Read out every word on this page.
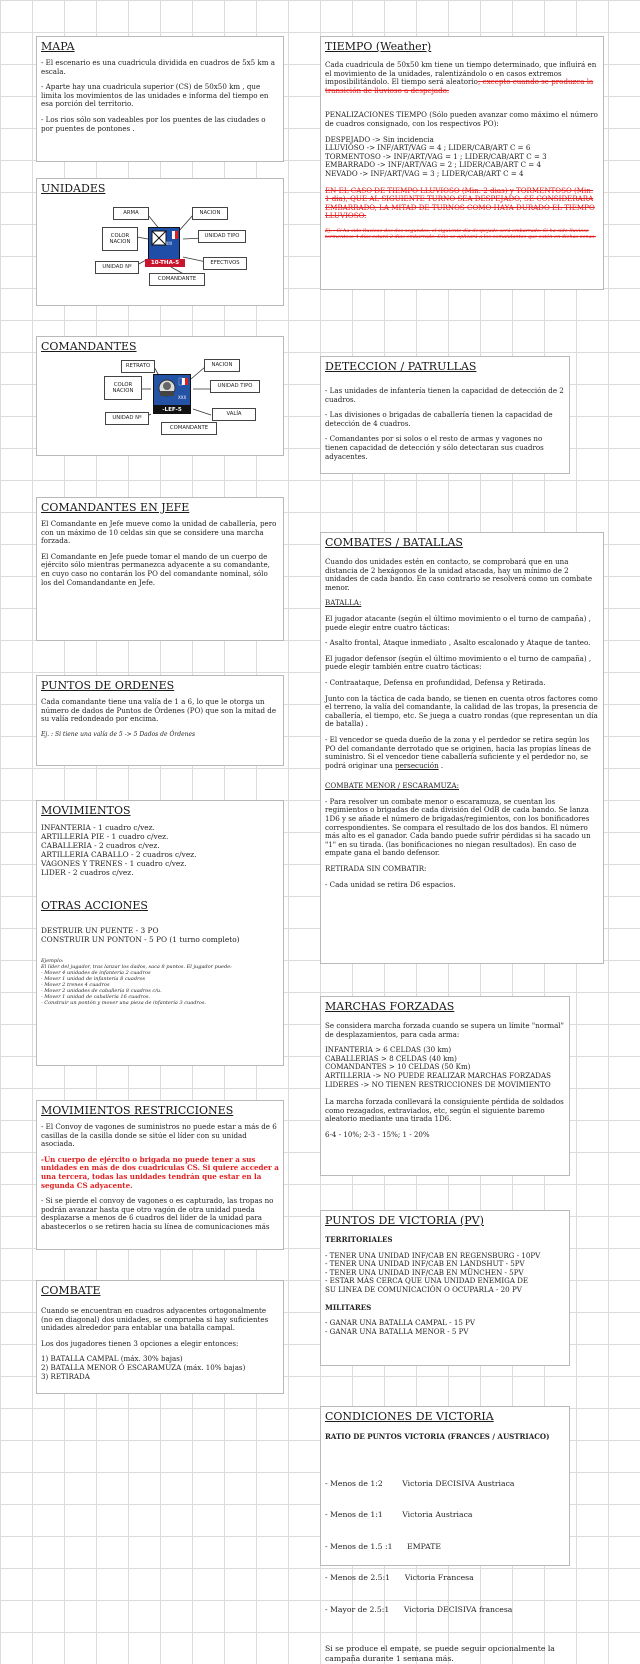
MAPA

- El escenario es una cuadricula dividida en cuadros de 5x5 km a escala.

- Aparte hay una cuadricula superior (CS) de 50x50 km , que limita los movimientos de las unidades e informa del tiempo en esa porción del territorio.

- Los rios sólo son vadeables por los puentes de las ciudades o por puentes de pontones .

UNIDADES
ARMA	NACION
COLOR
NACION
UNIDAD TIPO
EFECTIVOS
UNIDAD Nº
COMANDANTE
IIIII
10-THA-5
COMANDANTES
RETRATO	NACION
COLOR
NACION
UNIDAD TIPO
VALÍA
UNIDAD Nº
COMANDANTE
XXX
-LEF-5
COMANDANTES EN JEFE

El Comandante en Jefe mueve como la unidad de caballería, pero con un máximo de 10 celdas sin que se considere una marcha forzada.

El Comandante en Jefe puede tomar el mando de un cuerpo de ejército sólo mientras permanezca adyacente a su comandante, en cuyo caso no contarán los PO del comandante nominal, sólo los del Comandandante en Jefe.

PUNTOS DE ORDENES

Cada comandante tiene una valía de 1 a 6, lo que le otorga un número de dados de Puntos de Órdenes (PO) que son la mitad de su valía redondeado por encima.

Ej. : Si tiene una valía de 5 -> 5 Dados de Órdenes

MOVIMIENTOS
INFANTERIA - 1 cuadro c/vez.
ARTILLERIA PIE - 1 cuadro c/vez.
CABALLERIA - 2 cuadros c/vez.
ARTILLERIA CABALLO - 2 cuadros c/vez.
VAGONES Y TRENES - 1 cuadro c/vez.
LIDER - 2 cuadros c/vez.
OTRAS ACCIONES
DESTRUIR UN PUENTE - 3 PO
CONSTRUIR UN PONTON - 5 PO (1 turno completo)
Ejemplo:
El líder del jugador, tras lanzar los dados, saca 8 puntos. El jugador puede:
- Mover 4 unidades de infantería 2 cuadros
- Mover 1 unidad de infantería 8 cuadros
- Mover 2 trenes 4 cuadros
- Mover 2 unidades de caballería 8 cuadros c/u.
- Mover 1 unidad de caballería 16 cuadros.
- Construir un pontón y mover una pieza de infantería 3 cuadros.
MOVIMIENTOS RESTRICCIONES

- El Convoy de vagones de suministros no puede estar a más de 6 casillas de la casilla donde se sitúe el líder con su unidad asociada.

-Un cuerpo de ejército o brigada no puede tener a sus unidades en más de dos cuadriculas CS. Si quiere acceder a una tercera, todas las unidades tendrán que estar en la segunda CS adyacente.

- Si se pierde el convoy de vagones o es capturado, las tropas no podrán avanzar hasta que otro vagón de otra unidad pueda desplazarse a menos de 6 cuadros del líder de la unidad para abastecerlos o se retiren hacia su línea de comunicaciones más

COMBATE

Cuando se encuentran en cuadros adyacentes ortogonalmente (no en diagonal) dos unidades, se comprueba si hay suficientes unidades alrededor para entablar una batalla campal.

Los dos jugadores tienen 3 opciones a elegir entonces:

1) BATALLA CAMPAL (máx. 30% bajas)
2) BATALLA MENOR Ó ESCARAMUZA (máx. 10% bajas)
3) RETIRADA
TIEMPO (Weather)

Cada cuadricula de 50x50 km tiene un tiempo determinado, que influirá en el movimiento de la unidades, ralentizándolo o en casos extremos imposibilitándolo. El tiempo será aleatorio, excepto cuando se produzca la transición de lluvioso a despejado.

PENALIZACIONES TIEMPO (Sólo pueden avanzar como máximo el número de cuadros consignado, con los respectivos PO):

DESPEJADO -> Sin incidencia
LLUVIOSO -> INF/ART/VAG = 4 ; LIDER/CAB/ART C = 6
TORMENTOSO -> INF/ART/VAG = 1 ; LIDER/CAB/ART C = 3
EMBARRADO -> INF/ART/VAG = 2 ; LIDER/CAB/ART C = 4
NEVADO -> INF/ART/VAG = 3 ; LIDER/CAB/ART C = 4

EN EL CASO DE TIEMPO LLUVIOSO (Min. 2 dias) y TORMENTOSO (Min. 1 dia), QUE AL SIGUIENTE TURNO SEA DESPEJADO, SE CONSIDERARA EMBARRADO, LA MITAD DE TURNOS COMO HAYA DURADO EL TIEMPO LLUVIOSO.

Ej. : Si ha sido lluvioso dos dos segundos, el siguiente día despejado será embarrado. Si ha sido lluvioso tormentoso 4 días estará 2 días embarrado. Sólo se aplicará a los comandantes que estén en dichas zonas.

DETECCION / PATRULLAS

- Las unidades de infantería tienen la capacidad de detección de 2 cuadros.

- Las divisiones o brigadas de caballería tienen la capacidad de detección de 4 cuadros.

- Comandantes por si solos o el resto de armas y vagones no tienen capacidad de detección y sólo detectaran sus cuadros adyacentes.

COMBATES / BATALLAS

Cuando dos unidades estén en contacto, se comprobará que en una distancia de 2 hexágonos de la unidad atacada, hay un mínimo de 2 unidades de cada bando. En caso contrario se resolverá como un combate menor.

BATALLA:

El jugador atacante (según el último movimiento o el turno de campaña) , puede elegir entre cuatro tácticas:

- Asalto frontal, Ataque inmediato , Asalto escalonado y Ataque de tanteo.

El jugador defensor (según el último movimiento o el turno de campaña) , puede elegir también entre cuatro tácticas:

- Contraataque, Defensa en profundidad, Defensa y Retirada.

Junto con la táctica de cada bando, se tienen en cuenta otros factores como el terreno, la valía del comandante, la calidad de las tropas, la presencia de caballería, el tiempo, etc. Se juega a cuatro rondas (que representan un día de batalla) .

- El vencedor se queda dueño de la zona y el perdedor se retira según los PO del comandante derrotado que se originen, hacia las propias líneas de suministro. Si el vencedor tiene caballería suficiente y el perdedor no, se podrá originar una persecución .

COMBATE MENOR / ESCARAMUZA:

- Para resolver un combate menor o escaramuza, se cuentan los regimientos o brigadas de cada división del OdB de cada bando. Se lanza 1D6 y se añade el número de brigadas/regimientos, con los bonificadores correspondientes. Se compara el resultado de los dos bandos. El número más alto es el ganador. Cada bando puede sufrir pérdidas si ha sacado un "1" en su tirada. (las bonificaciones no niegan resultados). En caso de empate gana el bando defensor.

RETIRADA SIN COMBATIR:

- Cada unidad se retira D6 espacios.

MARCHAS FORZADAS

Se considera marcha forzada cuando se supera un límite "normal" de desplazamientos, para cada arma:

INFANTERIA > 6 CELDAS (30 km)
CABALLERIAS > 8 CELDAS (40 km)
COMANDANTES > 10 CELDAS (50 Km)
ARTILLERIA -> NO PUEDE REALIZAR MARCHAS FORZADAS
LIDERES -> NO TIENEN RESTRICCIONES DE MOVIMIENTO

La marcha forzada conllevará la consiguiente pérdida de soldados como rezagados, extraviados, etc, según el siguiente baremo aleatorio mediante una tirada 1D6.

6-4 - 10%; 2-3 - 15%; 1 - 20%

PUNTOS DE VICTORIA (PV)

TERRITORIALES

- TENER UNA UNIDAD INF/CAB EN REGENSBURG - 10PV
- TENER UNA UNIDAD INF/CAB EN LANDSHUT - 5PV
- TENER UNA UNIDAD INF/CAB EN MÜNCHEN - 5PV
- ESTAR MÁS CERCA QUE UNA UNIDAD ENEMIGA DE
SU LINEA DE COMUNICACIÓN O OCUPARLA - 20 PV

MILITARES

- GANAR UNA BATALLA CAMPAL - 15 PV
- GANAR UNA BATALLA MENOR - 5 PV
CONDICIONES DE VICTORIA

RATIO DE PUNTOS VICTORIA (FRANCES / AUSTRIACO)

- Menos de 1:2        Victoria DECISIVA Austriaca

- Menos de 1:1        Victoria Austriaca

- Menos de 1.5 :1      EMPATE

- Menos de 2.5:1      Victoria Francesa

- Mayor de 2.5:1      Victoria DECISIVA francesa

Si se produce el empate, se puede seguir opcionalmente la campaña durante 1 semana más.
